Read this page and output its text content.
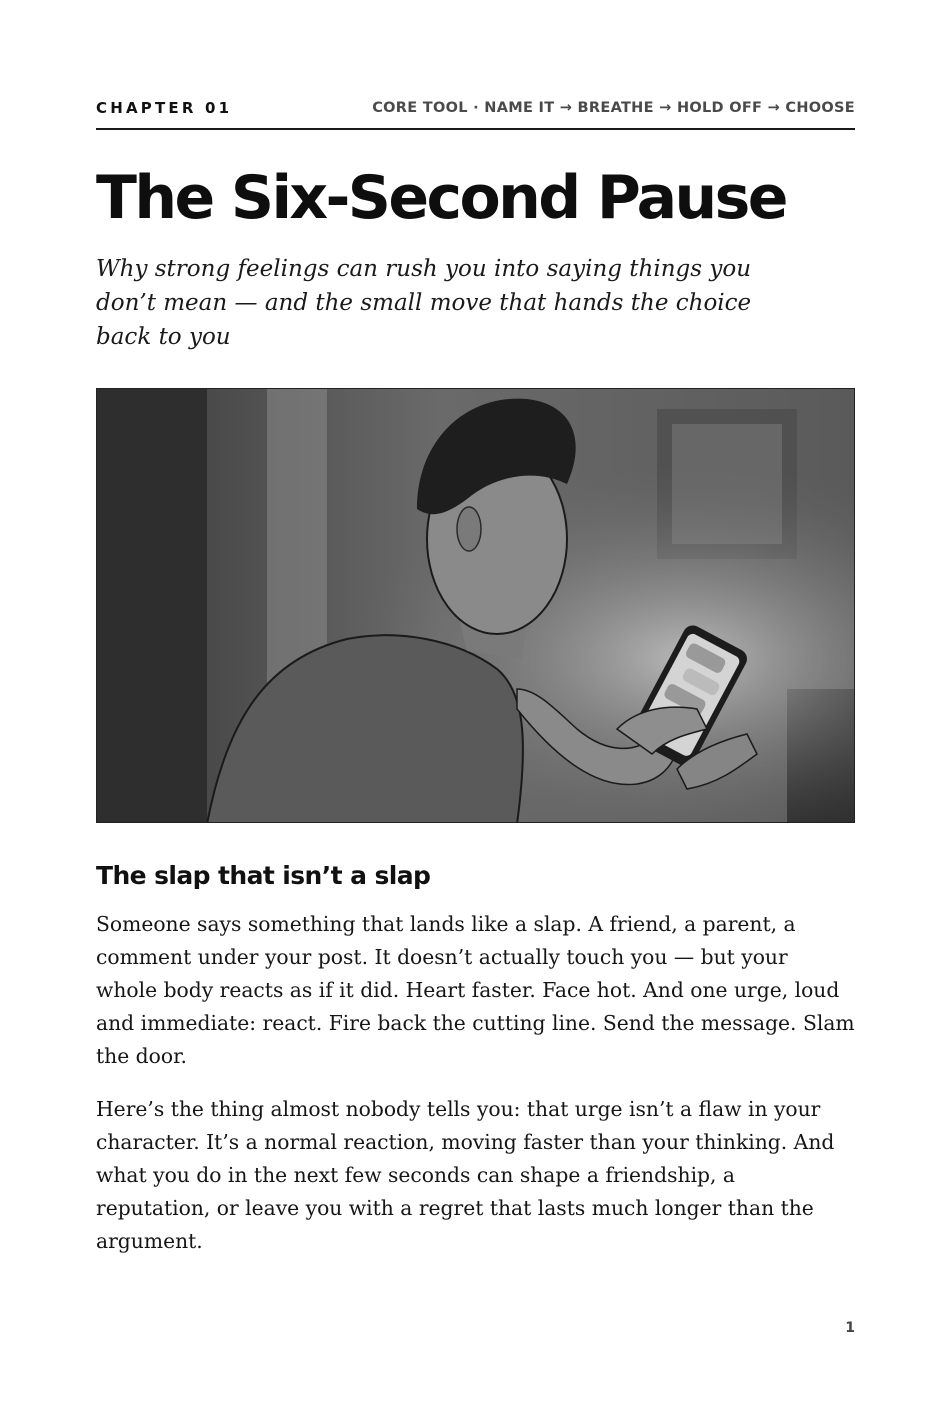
CHAPTER 01	CORE TOOL · NAME IT → BREATHE → HOLD OFF → CHOOSE
The Six-Second Pause

Why strong feelings can rush you into saying things you don’t mean — and the small move that hands the choice back to you

The slap that isn’t a slap

Someone says something that lands like a slap. A friend, a parent, a comment under your post. It doesn’t actually touch you — but your whole body reacts as if it did. Heart faster. Face hot. And one urge, loud and immediate: react. Fire back the cutting line. Send the message. Slam the door.

Here’s the thing almost nobody tells you: that urge isn’t a flaw in your character. It’s a normal reaction, moving faster than your thinking. And what you do in the next few seconds can shape a friendship, a reputation, or leave you with a regret that lasts much longer than the argument.

1
